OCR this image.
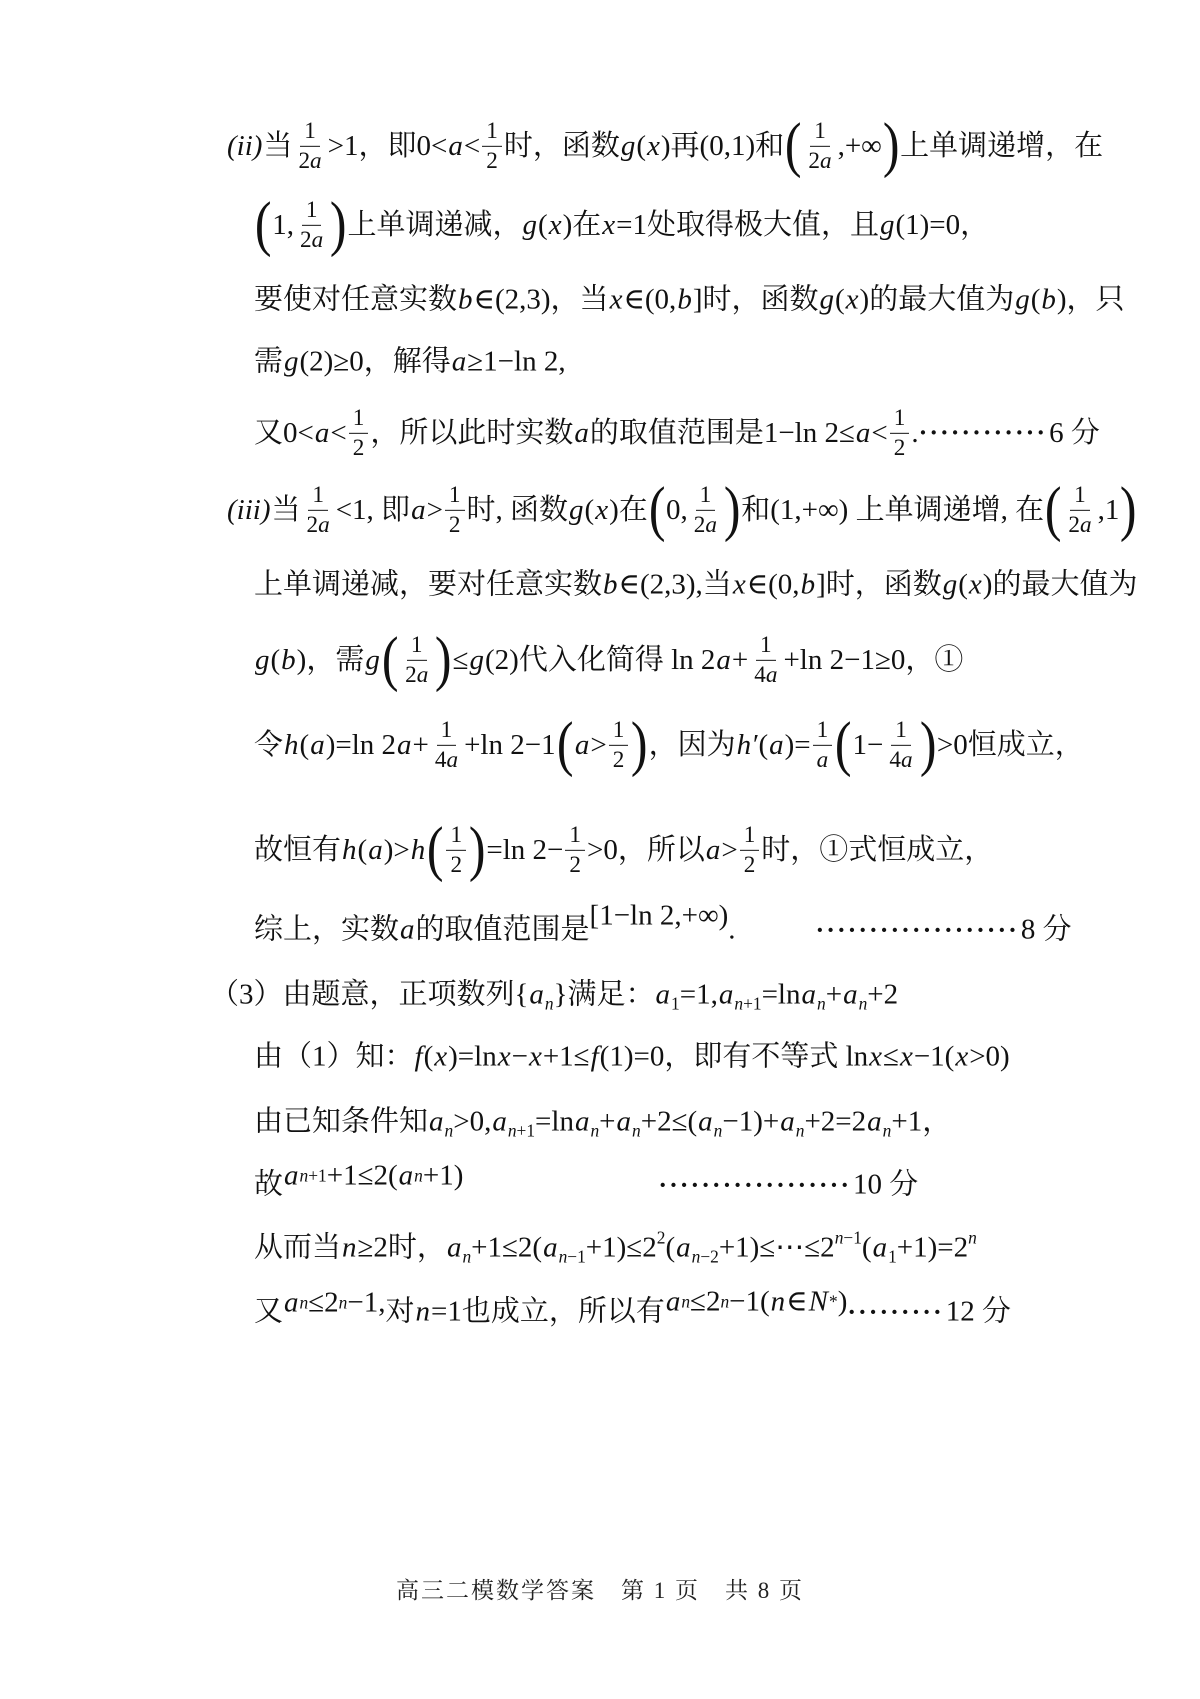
(ii) 当 $\frac{1}{2a} >1$，即$0< a < \frac{1}{2}$ 时，函数 g ( x )再(0,1)和 ( $\frac{1}{2a}$ ,+∞ ) 上单调递增，在
( 1, $\frac{1}{2a}$ ) 上单调递减， g ( x )在 x =1处取得极大值，且 g (1)=0，
要使对任意实数 b ∈(2,3)，当 x ∈(0, b ]时，函数 g ( x )的最大值为 g ( b )，只
需 g (2)≥0，解得 a ≥1−ln 2,
又$0< a < \frac{1}{2}$ ，所以此时实数 a 的取值范围是1−ln $2\le a < \frac{1}{2}$ . ············ 6 分
(iii) 当 $\frac{1}{2a} <1$, 即 $a > \frac{1}{2}$ 时, 函数 g ( x )在 ( 0, $\frac{1}{2a}$ ) 和(1,+∞) 上单调递增, 在 ( $\frac{1}{2a} ,1$ )
上单调递减，要对任意实数 b ∈(2,3),当 x ∈(0, b ]时，函数 g ( x )的最大值为
g ( b )，需 g ( $\frac{1}{2a}$ ) ≤ g (2)代入化简得 ln 2 $a + \frac{1}{4a} +\ln$ 2−1≥0，①
令 h ( a )=ln 2 $a + \frac{1}{4a} +\ln$ 2−1 ( $a > \frac{1}{2}$ ) ，因为 h′ ( a )= $\frac{1}{a}$ ( $1- \frac{1}{4a}$ ) >0恒成立，
故恒有 h ( a )> h ( $\frac{1}{2}$ ) =ln $2- \frac{1}{2} >0$，所以 $a > \frac{1}{2}$ 时，①式恒成立，
综上，实数 a 的取值范围是 [1−ln 2,+∞) .	··················· 8 分
（3）由题意，正项数列{ a n }满足： a 1 =1, a n+1 =ln a n + a n +2
由（1）知： f ( x )=ln x − x +1≤ f (1)=0，即有不等式 ln x ≤ x −1( x >0)
由已知条件知 a n >0, a n+1 =ln a n + a n +2≤( a n −1)+ a n +2=2 a n +1，
故 a n+1 +1≤2( a n +1)	·················· 10 分
从而当 n ≥2时， a n +1≤2( a n−1 +1)≤2 2 ( a n−2 +1)≤⋯≤2 n−1 ( a 1 +1)=2 n
又 a n ≤2 n −1, 对 n =1也成立，所以有 a n ≤2 n −1( n ∈ N * ) ········· 12 分
高三二模数学答案　第 1 页　共 8 页
